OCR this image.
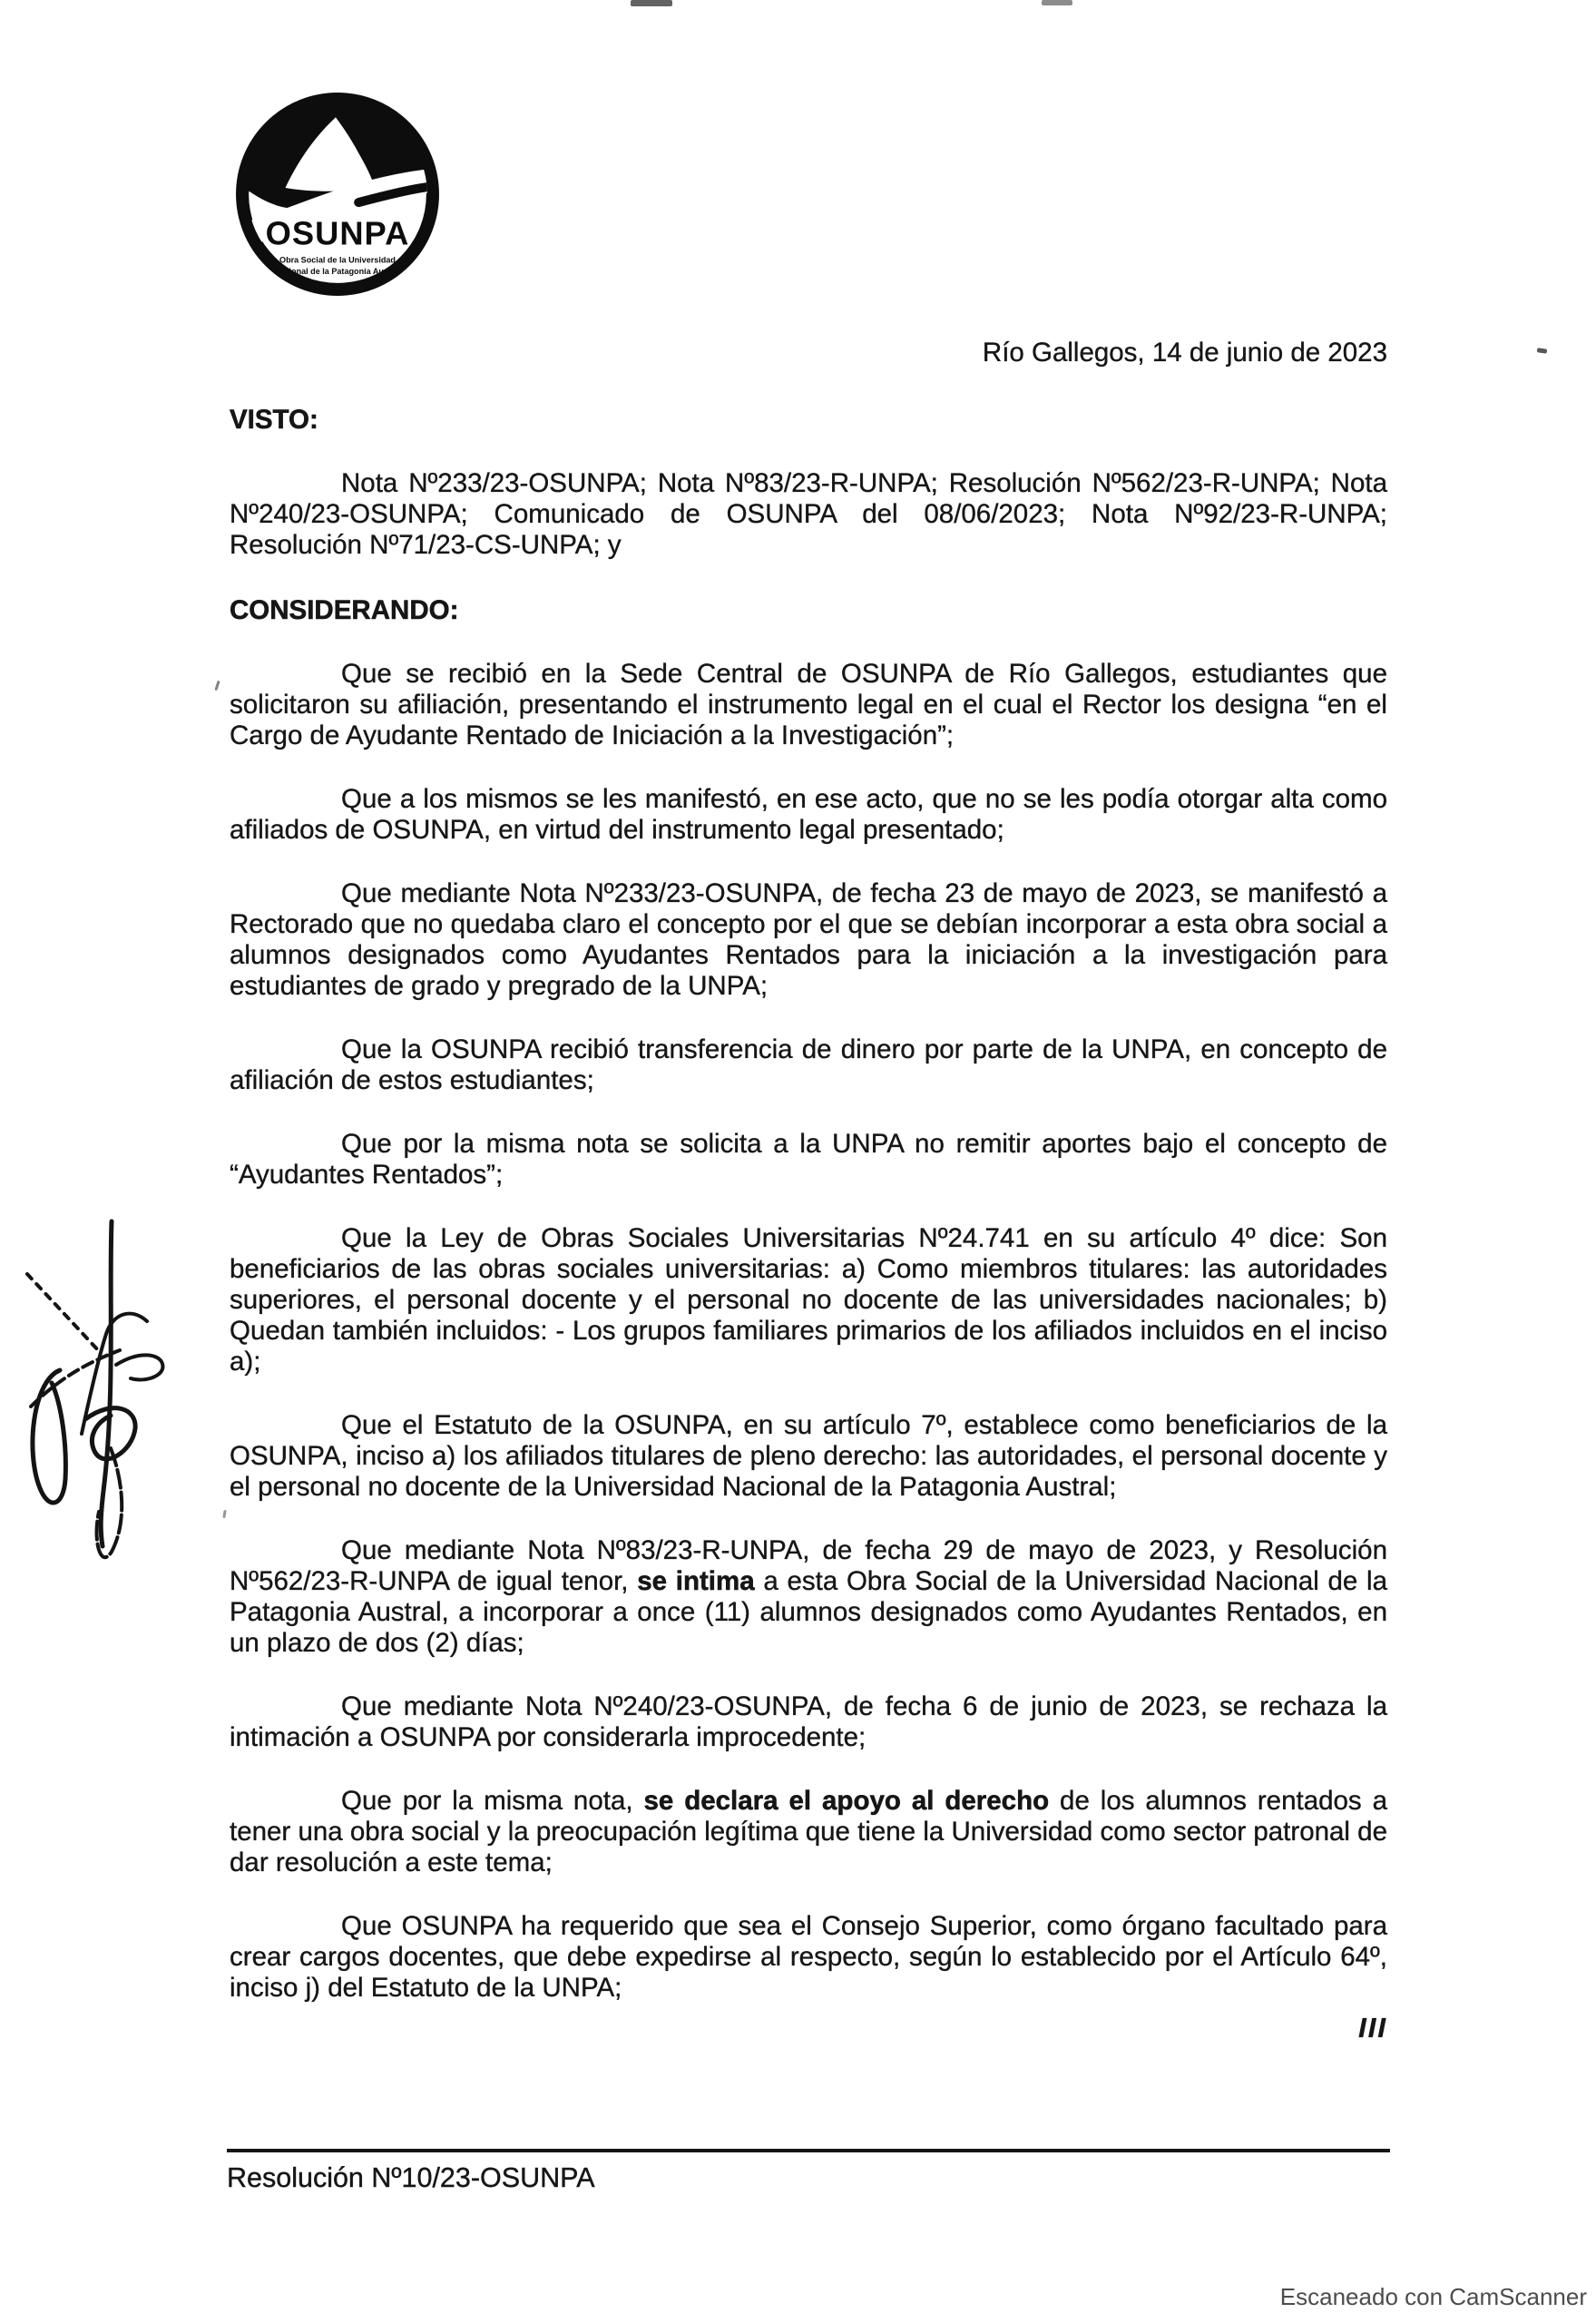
OSUNPA
Obra Social de la Universidad
Nacional de la Patagonia Austral
Río Gallegos, 14 de junio de 2023
VISTO:

Nota Nº233/23-OSUNPA; Nota Nº83/23-R-UNPA; Resolución Nº562/23-R-UNPA; Nota Nº240/23-OSUNPA; Comunicado de OSUNPA del 08/06/2023; Nota Nº92/23-R-UNPA; Resolución Nº71/23-CS-UNPA; y

CONSIDERANDO:

Que se recibió en la Sede Central de OSUNPA de Río Gallegos, estudiantes que solicitaron su afiliación, presentando el instrumento legal en el cual el Rector los designa “en el Cargo de Ayudante Rentado de Iniciación a la Investigación”;

Que a los mismos se les manifestó, en ese acto, que no se les podía otorgar alta como afiliados de OSUNPA, en virtud del instrumento legal presentado;

Que mediante Nota Nº233/23-OSUNPA, de fecha 23 de mayo de 2023, se manifestó a Rectorado que no quedaba claro el concepto por el que se debían incorporar a esta obra social a alumnos designados como Ayudantes Rentados para la iniciación a la investigación para estudiantes de grado y pregrado de la UNPA;

Que la OSUNPA recibió transferencia de dinero por parte de la UNPA, en concepto de afiliación de estos estudiantes;

Que por la misma nota se solicita a la UNPA no remitir aportes bajo el concepto de “Ayudantes Rentados”;

Que la Ley de Obras Sociales Universitarias Nº24.741 en su artículo 4º dice: Son beneficiarios de las obras sociales universitarias: a) Como miembros titulares: las autoridades superiores, el personal docente y el personal no docente de las universidades nacionales; b) Quedan también incluidos: - Los grupos familiares primarios de los afiliados incluidos en el inciso a);

Que el Estatuto de la OSUNPA, en su artículo 7º, establece como beneficiarios de la OSUNPA, inciso a) los afiliados titulares de pleno derecho: las autoridades, el personal docente y el personal no docente de la Universidad Nacional de la Patagonia Austral;

Que mediante Nota Nº83/23-R-UNPA, de fecha 29 de mayo de 2023, y Resolución Nº562/23-R-UNPA de igual tenor, se intima a esta Obra Social de la Universidad Nacional de la Patagonia Austral, a incorporar a once (11) alumnos designados como Ayudantes Rentados, en un plazo de dos (2) días;

Que mediante Nota Nº240/23-OSUNPA, de fecha 6 de junio de 2023, se rechaza la intimación a OSUNPA por considerarla improcedente;

Que por la misma nota, se declara el apoyo al derecho de los alumnos rentados a tener una obra social y la preocupación legítima que tiene la Universidad como sector patronal de dar resolución a este tema;

Que OSUNPA ha requerido que sea el Consejo Superior, como órgano facultado para crear cargos docentes, que debe expedirse al respecto, según lo establecido por el Artículo 64º, inciso j) del Estatuto de la UNPA;

III
Resolución Nº10/23-OSUNPA
Escaneado con CamScanner
